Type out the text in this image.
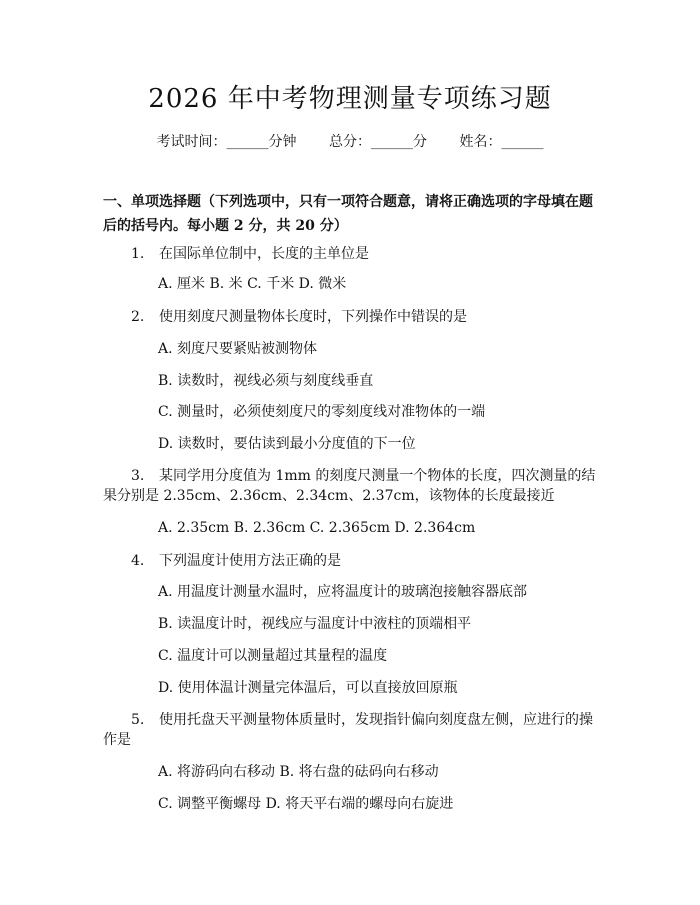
2026 年中考物理测量专项练习题
考试时间：______分钟 总分：______分 姓名：______

一、单项选择题（下列选项中，只有一项符合题意，请将正确选项的字母填在题后的括号内。每小题 2 分，共 20 分）

1. 在国际单位制中，长度的主单位是
A. 厘米 B. 米 C. 千米 D. 微米
2. 使用刻度尺测量物体长度时，下列操作中错误的是
A. 刻度尺要紧贴被测物体
B. 读数时，视线必须与刻度线垂直
C. 测量时，必须使刻度尺的零刻度线对准物体的一端
D. 读数时，要估读到最小分度值的下一位
3. 某同学用分度值为 1mm 的刻度尺测量一个物体的长度，四次测量的结果分别是 2.35cm、2.36cm、2.34cm、2.37cm，该物体的长度最接近
A. 2.35cm B. 2.36cm C. 2.365cm D. 2.364cm
4. 下列温度计使用方法正确的是
A. 用温度计测量水温时，应将温度计的玻璃泡接触容器底部
B. 读温度计时，视线应与温度计中液柱的顶端相平
C. 温度计可以测量超过其量程的温度
D. 使用体温计测量完体温后，可以直接放回原瓶
5. 使用托盘天平测量物体质量时，发现指针偏向刻度盘左侧，应进行的操作是
A. 将游码向右移动 B. 将右盘的砝码向右移动
C. 调整平衡螺母 D. 将天平右端的螺母向右旋进
